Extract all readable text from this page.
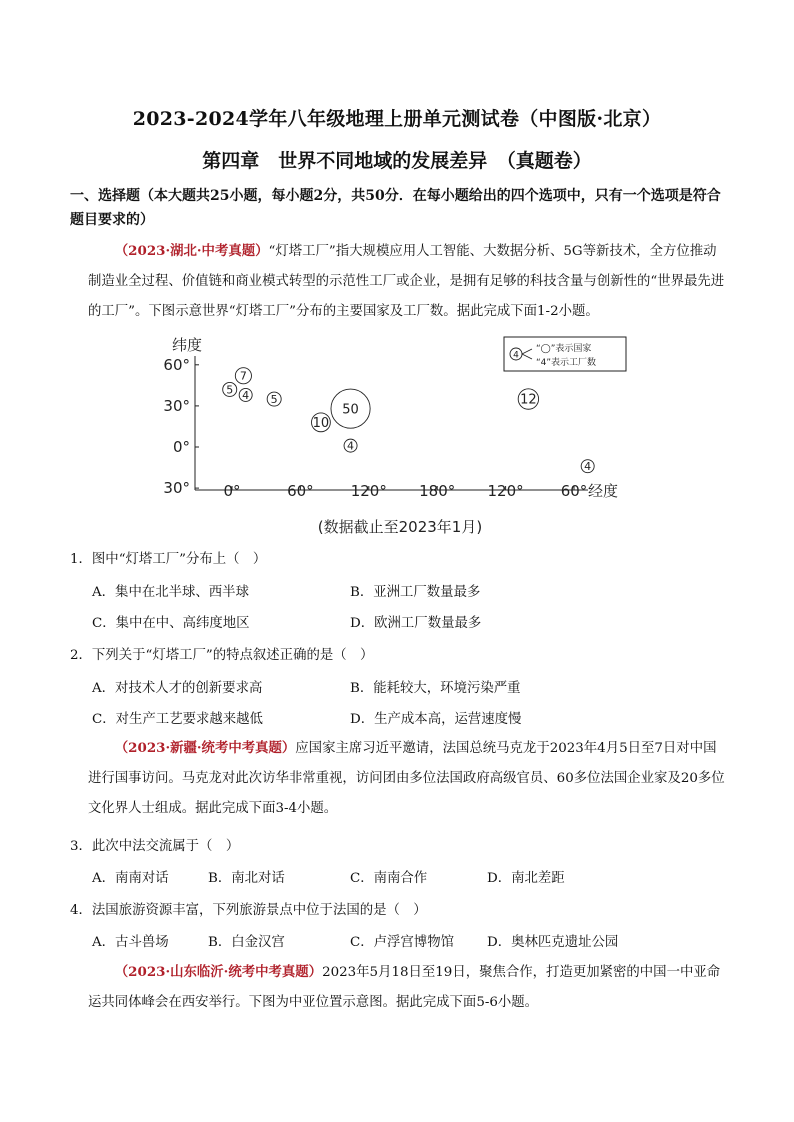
2023-2024学年八年级地理上册单元测试卷（中图版·北京）
第四章　世界不同地域的发展差异　（真题卷）
一、选择题（本大题共25小题，每小题2分，共50分．在每小题给出的四个选项中，只有一个选项是符合题目要求的）
（2023·湖北·中考真题）“灯塔工厂”指大规模应用人工智能、大数据分析、5G等新技术，全方位推动制造业全过程、价值链和商业模式转型的示范性工厂或企业，是拥有足够的科技含量与创新性的“世界最先进的工厂”。下图示意世界“灯塔工厂”分布的主要国家及工厂数。据此完成下面1-2小题。
纬度
经度
60°
30°
0°
30° 0°	60° 120° 180° 120° 60°
7
5 4 5
10
50
4
12
4
4
“◯”表示国家
“4”表示工厂数
(数据截止至2023年1月)
1．图中“灯塔工厂”分布上（　）
A．集中在北半球、西半球	B．亚洲工厂数量最多
C．集中在中、高纬度地区	D．欧洲工厂数量最多
2．下列关于“灯塔工厂”的特点叙述正确的是（　）
A．对技术人才的创新要求高	B．能耗较大，环境污染严重
C．对生产工艺要求越来越低	D．生产成本高，运营速度慢
（2023·新疆·统考中考真题）应国家主席习近平邀请，法国总统马克龙于2023年4月5日至7日对中国进行国事访问。马克龙对此次访华非常重视，访问团由多位法国政府高级官员、60多位法国企业家及20多位文化界人士组成。据此完成下面3-4小题。
3．此次中法交流属于（　）
A．南南对话	B．南北对话	C．南南合作	D．南北差距
4．法国旅游资源丰富，下列旅游景点中位于法国的是（　）
A．古斗兽场	B．白金汉宫	C．卢浮宫博物馆 D．奥林匹克遗址公园
（2023·山东临沂·统考中考真题）2023年5月18日至19日，聚焦合作，打造更加紧密的中国一中亚命运共同体峰会在西安举行。下图为中亚位置示意图。据此完成下面5-6小题。
